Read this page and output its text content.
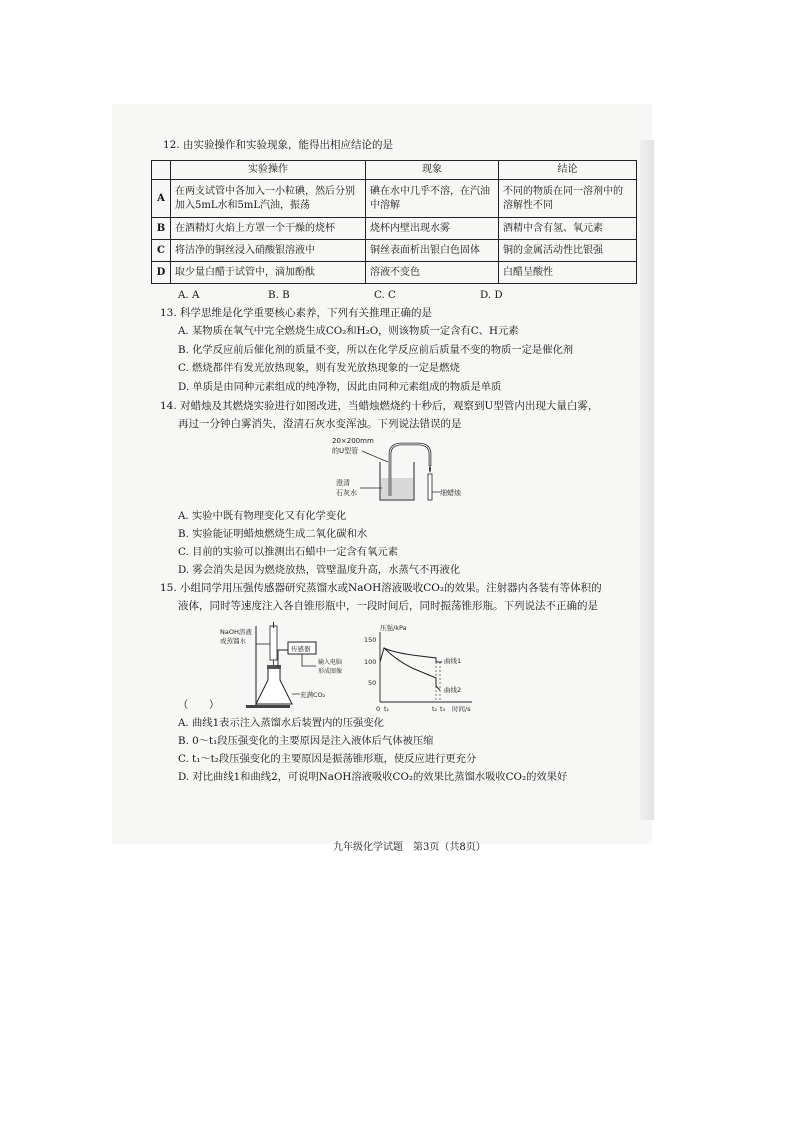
12. 由实验操作和实验现象，能得出相应结论的是
	实验操作	现象	结论
A	在两支试管中各加入一小粒碘，然后分别加入5mL水和5mL汽油，振荡	碘在水中几乎不溶，在汽油中溶解	不同的物质在同一溶剂中的溶解性不同
B	在酒精灯火焰上方罩一个干燥的烧杯	烧杯内壁出现水雾	酒精中含有氢、氧元素
C	将洁净的铜丝浸入硝酸银溶液中	铜丝表面析出银白色固体	铜的金属活动性比银强
D	取少量白醋于试管中，滴加酚酞	溶液不变色	白醋呈酸性
A. A	B. B	C. C	D. D
13. 科学思维是化学重要核心素养，下列有关推理正确的是
A. 某物质在氧气中完全燃烧生成CO₂和H₂O，则该物质一定含有C、H元素
B. 化学反应前后催化剂的质量不变，所以在化学反应前后质量不变的物质一定是催化剂
C. 燃烧都伴有发光放热现象，则有发光放热现象的一定是燃烧
D. 单质是由同种元素组成的纯净物，因此由同种元素组成的物质是单质
14. 对蜡烛及其燃烧实验进行如图改进，当蜡烛燃烧约十秒后，观察到U型管内出现大量白雾，
再过一分钟白雾消失，澄清石灰水变浑浊。下列说法错误的是
20×200mm
的U型管
细蜡烛
澄清
石灰水
A. 实验中既有物理变化又有化学变化
B. 实验能证明蜡烛燃烧生成二氧化碳和水
C. 目前的实验可以推测出石蜡中一定含有氧元素
D. 雾会消失是因为燃烧放热，管壁温度升高，水蒸气不再液化
15. 小组同学用压强传感器研究蒸馏水或NaOH溶液吸收CO₂的效果。注射器内各装有等体积的
液体，同时等速度注入各自锥形瓶中，一段时间后，同时振荡锥形瓶。下列说法不正确的是
NaOH溶液
或蒸馏水
传感器
输入电脑
形成图像
充满CO₂
压强/kPa
150
100
50
曲线1
曲线2
0 t₁	t₂ t₃ 时间/s
（　　）
A. 曲线1表示注入蒸馏水后装置内的压强变化
B. 0～t₁段压强变化的主要原因是注入液体后气体被压缩
C. t₁～t₂段压强变化的主要原因是振荡锥形瓶，使反应进行更充分
D. 对比曲线1和曲线2，可说明NaOH溶液吸收CO₂的效果比蒸馏水吸收CO₂的效果好
九年级化学试题　第3页（共8页）
